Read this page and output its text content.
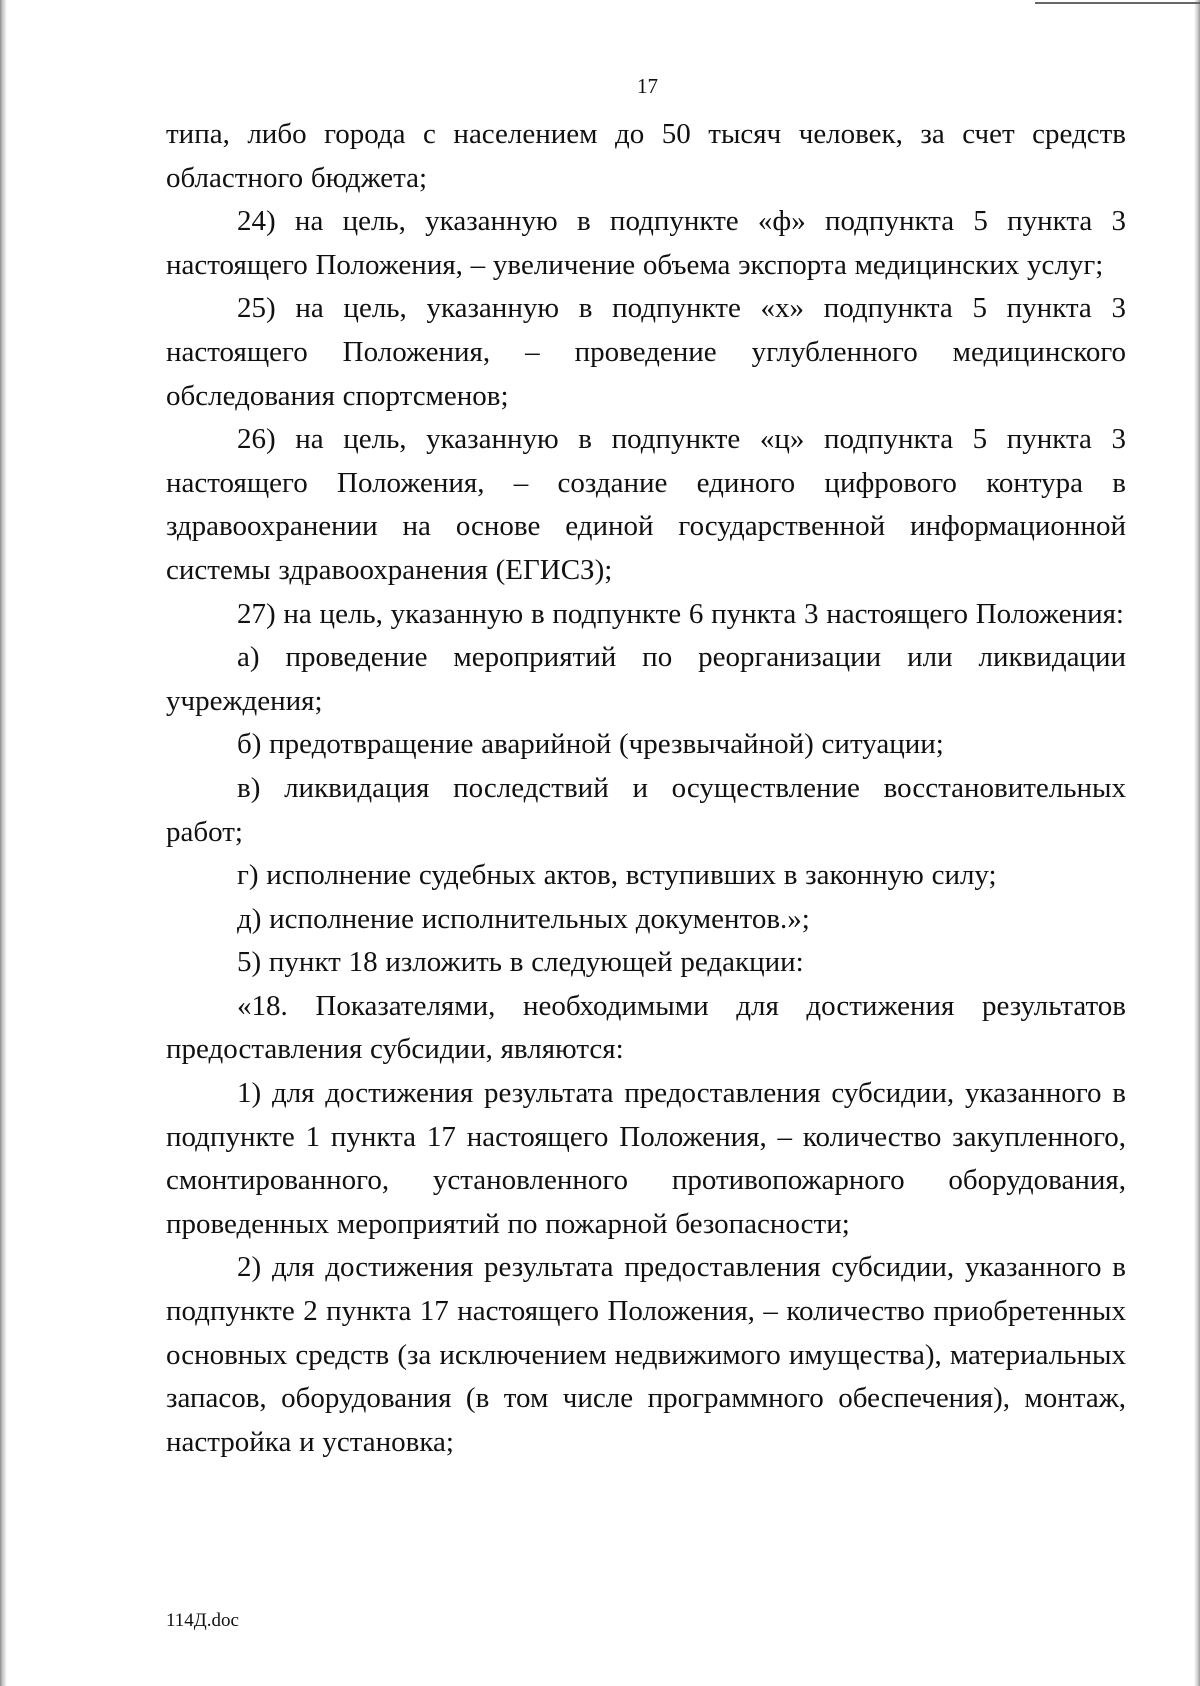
17

типа, либо города с населением до 50 тысяч человек, за счет средств областного бюджета;

24) на цель, указанную в подпункте «ф» подпункта 5 пункта 3 настоящего Положения, – увеличение объема экспорта медицинских услуг;

25) на цель, указанную в подпункте «х» подпункта 5 пункта 3 настоящего Положения, – проведение углубленного медицинского обследования спортсменов;

26) на цель, указанную в подпункте «ц» подпункта 5 пункта 3 настоящего Положения, – создание единого цифрового контура в здравоохранении на основе единой государственной информационной системы здравоохранения (ЕГИСЗ);

27) на цель, указанную в подпункте 6 пункта 3 настоящего Положения:

а) проведение мероприятий по реорганизации или ликвидации учреждения;

б) предотвращение аварийной (чрезвычайной) ситуации;

в) ликвидация последствий и осуществление восстановительных работ;

г) исполнение судебных актов, вступивших в законную силу;

д) исполнение исполнительных документов.»;

5) пункт 18 изложить в следующей редакции:

«18. Показателями, необходимыми для достижения результатов предоставления субсидии, являются:

1) для достижения результата предоставления субсидии, указанного в подпункте 1 пункта 17 настоящего Положения, – количество закупленного, смонтированного, установленного противопожарного оборудования, проведенных мероприятий по пожарной безопасности;

2) для достижения результата предоставления субсидии, указанного в подпункте 2 пункта 17 настоящего Положения, – количество приобретенных основных средств (за исключением недвижимого имущества), материальных запасов, оборудования (в том числе программного обеспечения), монтаж, настройка и установка;

114Д.doc
